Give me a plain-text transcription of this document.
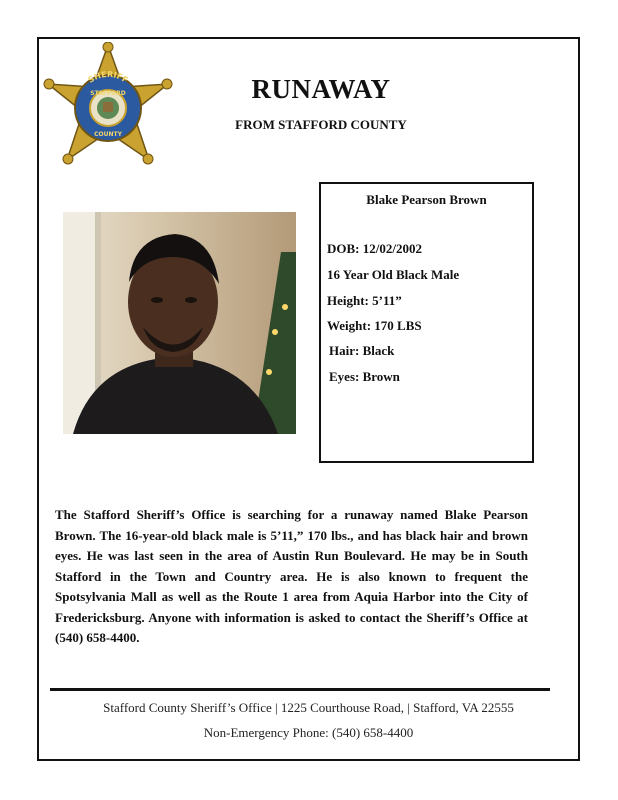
SHERIFF
STAFFORD
COUNTY
RUNAWAY
FROM STAFFORD COUNTY
Blake Pearson Brown
DOB: 12/02/2002
16 Year Old Black Male
Height: 5’11”
Weight: 170 LBS
Hair: Black
Eyes: Brown
The Stafford Sheriff’s Office is searching for a runaway named Blake Pearson Brown. The 16-year-old black male is 5’11,” 170 lbs., and has black hair and brown eyes. He was last seen in the area of Austin Run Boulevard. He may be in South Stafford in the Town and Country area. He is also known to frequent the Spotsylvania Mall as well as the Route 1 area from Aquia Harbor into the City of Fredericksburg. Anyone with information is asked to contact the Sheriff’s Office at (540) 658-4400.
Stafford County Sheriff’s Office | 1225 Courthouse Road, | Stafford, VA 22555
Non-Emergency Phone: (540) 658-4400
